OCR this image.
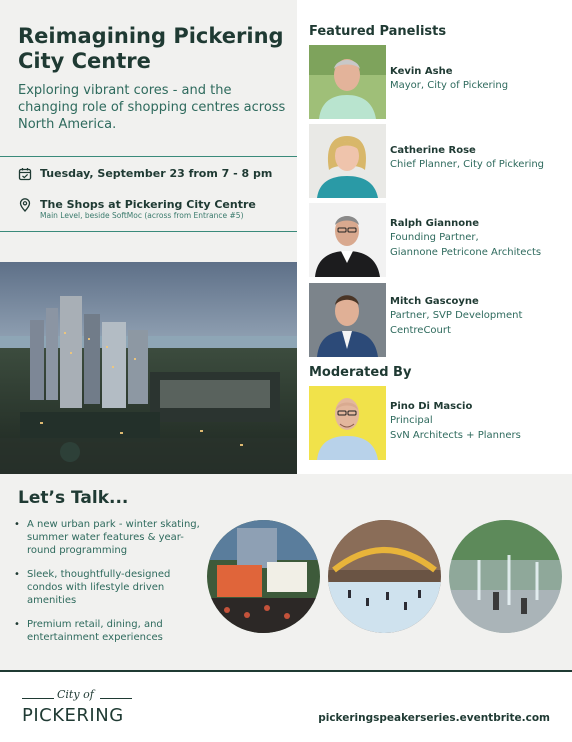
Reimagining Pickering City Centre
Exploring vibrant cores - and the changing role of shopping centres across North America.
Tuesday, September 23 from 7 - 8 pm
The Shops at Pickering City Centre
Main Level, beside SoftMoc (across from Entrance #5)
Featured Panelists
Kevin Ashe
Mayor, City of Pickering
Catherine Rose
Chief Planner, City of Pickering
Ralph Giannone
Founding Partner,
Giannone Petricone Architects
Mitch Gascoyne
Partner, SVP Development
CentreCourt
Moderated By
Pino Di Mascio
Principal
SvN Architects + Planners
Let’s Talk...
• A new urban park - winter skating, summer water features & year-round programming
• Sleek, thoughtfully-designed condos with lifestyle driven amenities
• Premium retail, dining, and entertainment experiences
City of
PICKERING	pickeringspeakerseries.eventbrite.com
